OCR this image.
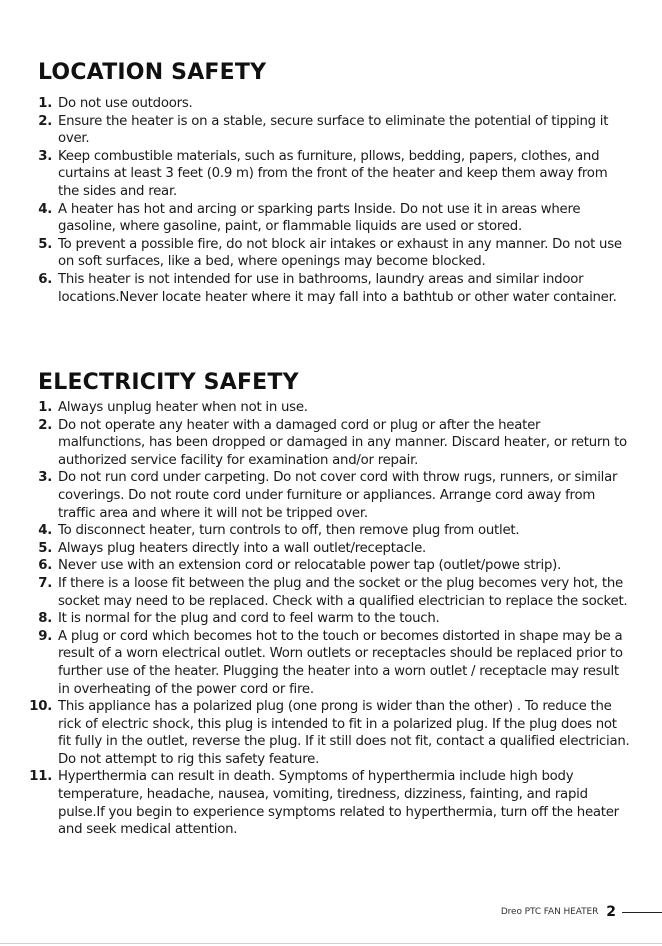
LOCATION SAFETY
1. Do not use outdoors.
2. Ensure the heater is on a stable, secure surface to eliminate the potential of tipping it over.
3. Keep combustible materials, such as furniture, pllows, bedding, papers, clothes, and curtains at least 3 feet (0.9 m) from the front of the heater and keep them away from the sides and rear.
4. A heater has hot and arcing or sparking parts Inside. Do not use it in areas where gasoline, where gasoline, paint, or flammable liquids are used or stored.
5. To prevent a possible fire, do not block air intakes or exhaust in any manner. Do not use on soft surfaces, like a bed, where openings may become blocked.
6. This heater is not intended for use in bathrooms, laundry areas and similar indoor locations.Never locate heater where it may fall into a bathtub or other water container.
ELECTRICITY SAFETY
1. Always unplug heater when not in use.
2. Do not operate any heater with a damaged cord or plug or after the heater malfunctions, has been dropped or damaged in any manner. Discard heater, or return to authorized service facility for examination and/or repair.
3. Do not run cord under carpeting. Do not cover cord with throw rugs, runners, or similar coverings. Do not route cord under furniture or appliances. Arrange cord away from traffic area and where it will not be tripped over.
4. To disconnect heater, turn controls to off, then remove plug from outlet.
5. Always plug heaters directly into a wall outlet/receptacle.
6. Never use with an extension cord or relocatable power tap (outlet/powe strip).
7. If there is a loose fit between the plug and the socket or the plug becomes very hot, the socket may need to be replaced. Check with a qualified electrician to replace the socket.
8. It is normal for the plug and cord to feel warm to the touch.
9. A plug or cord which becomes hot to the touch or becomes distorted in shape may be a result of a worn electrical outlet. Worn outlets or receptacles should be replaced prior to further use of the heater. Plugging the heater into a worn outlet / receptacle may result in overheating of the power cord or fire.
10. This appliance has a polarized plug (one prong is wider than the other) . To reduce the rick of electric shock, this plug is intended to fit in a polarized plug. If the plug does not fit fully in the outlet, reverse the plug. If it still does not fit, contact a qualified electrician. Do not attempt to rig this safety feature.
11. Hyperthermia can result in death. Symptoms of hyperthermia include high body temperature, headache, nausea, vomiting, tiredness, dizziness, fainting, and rapid pulse.If you begin to experience symptoms related to hyperthermia, turn off the heater and seek medical attention.
Dreo PTC FAN HEATER 2
